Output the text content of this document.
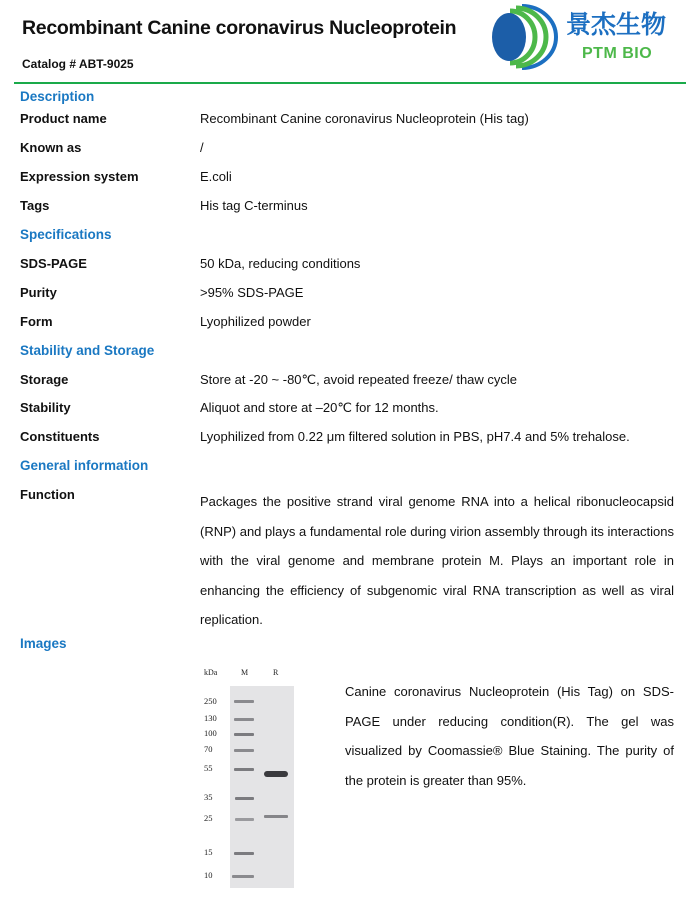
Recombinant Canine coronavirus Nucleoprotein
Catalog # ABT-9025
景杰生物
PTM BIO
Description
Product name	Recombinant Canine coronavirus Nucleoprotein (His tag)
Known as	/
Expression system	E.coli
Tags	His tag C-terminus
Specifications
SDS-PAGE	50 kDa, reducing conditions
Purity	>95% SDS-PAGE
Form	Lyophilized powder
Stability and Storage
Storage	Store at -20 ~ -80℃, avoid repeated freeze/ thaw cycle
Stability	Aliquot and store at –20℃ for 12 months.
Constituents	Lyophilized from 0.22 μm filtered solution in PBS, pH7.4 and 5% trehalose.
General information
Function	Packages the positive strand viral genome RNA into a helical ribonucleocapsid (RNP) and plays a fundamental role during virion assembly through its interactions with the viral genome and membrane protein M. Plays an important role in enhancing the efficiency of subgenomic viral RNA transcription as well as viral replication.
Images
kDa	M	R
250
130
100
70
55
35
25
15
10
Canine coronavirus Nucleoprotein (His Tag) on SDS-PAGE under reducing condition(R). The gel was visualized by Coomassie® Blue Staining. The purity of the protein is greater than 95%.
